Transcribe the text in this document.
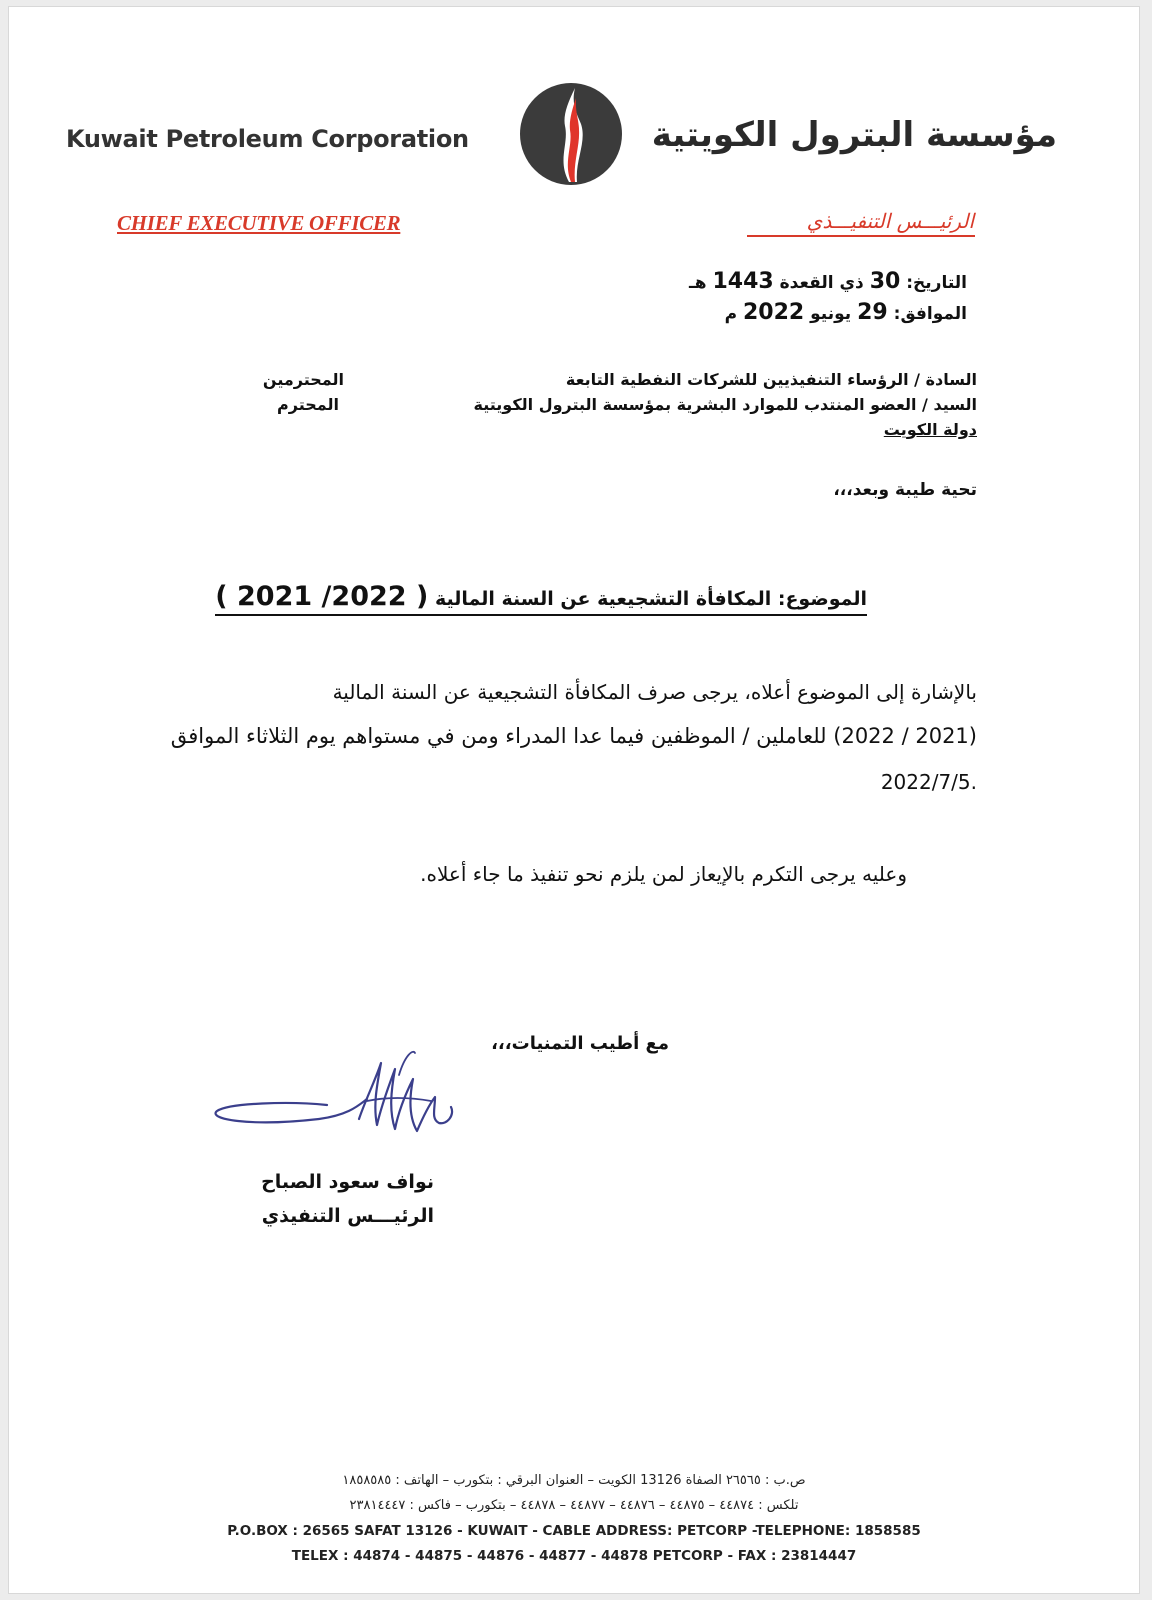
Kuwait Petroleum Corporation	مؤسسة البترول الكويتية
CHIEF EXECUTIVE OFFICER	الرئيـــس التنفيـــذي
التاريخ: 30 ذي القعدة 1443 هـ
الموافق: 29 يونيو 2022 م
السادة / الرؤساء التنفيذيين للشركات النفطية التابعة
السيد / العضو المنتدب للموارد البشرية بمؤسسة البترول الكويتية
دولة الكويت
المحترمين
المحترم
تحية طيبة وبعد،،،
الموضوع: المكافأة التشجيعية عن السنة المالية ( 2022/ 2021 )
بالإشارة إلى الموضوع أعلاه، يرجى صرف المكافأة التشجيعية عن السنة المالية
(2021 / 2022) للعاملين / الموظفين فيما عدا المدراء ومن في مستواهم يوم الثلاثاء الموافق
.2022/7/5
وعليه يرجى التكرم بالإيعاز لمن يلزم نحو تنفيذ ما جاء أعلاه.
مع أطيب التمنيات،،،
نواف سعود الصباح
الرئيـــس التنفيذي
ص.ب : ٢٦٥٦٥ الصفاة 13126 الكويت – العنوان البرقي : بتكورب – الهاتف : ١٨٥٨٥٨٥
تلكس : ٤٤٨٧٤ – ٤٤٨٧٥ – ٤٤٨٧٦ – ٤٤٨٧٧ – ٤٤٨٧٨ – بتكورب – فاكس : ٢٣٨١٤٤٤٧
P.O.BOX : 26565 SAFAT 13126 - KUWAIT - CABLE ADDRESS: PETCORP -TELEPHONE: 1858585
TELEX : 44874 - 44875 - 44876 - 44877 - 44878 PETCORP - FAX : 23814447
